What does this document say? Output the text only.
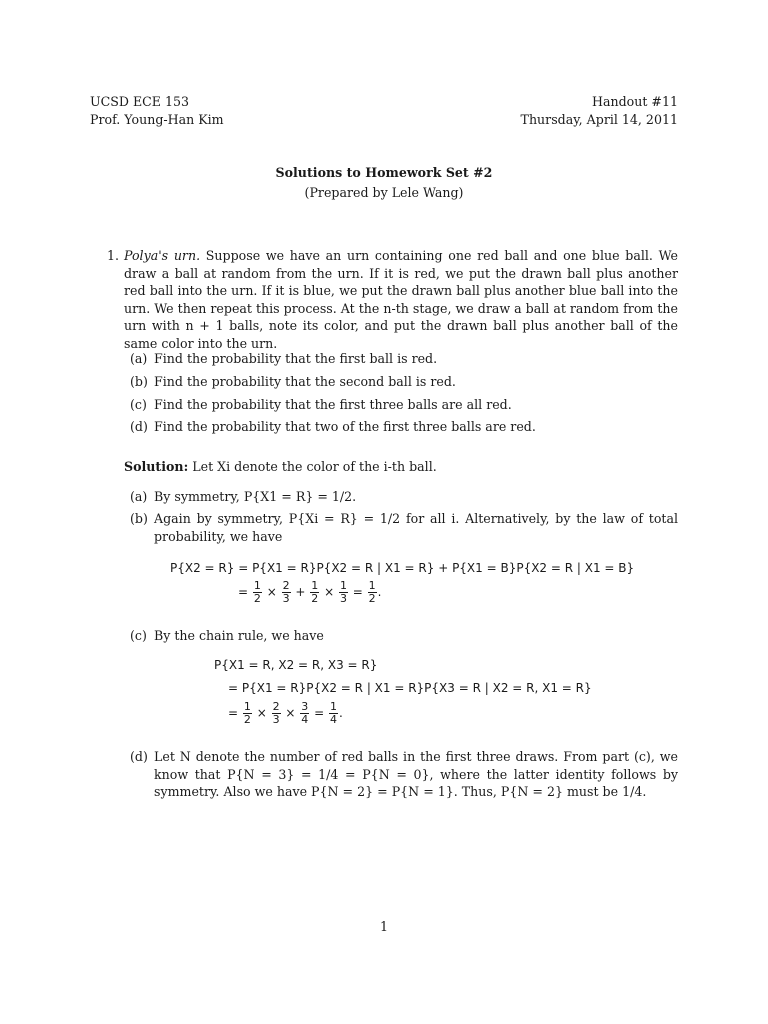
UCSD ECE 153
Prof. Young-Han Kim
Handout #11
Thursday, April 14, 2011
Solutions to Homework Set #2
(Prepared by Lele Wang)
1. Polya's urn. Suppose we have an urn containing one red ball and one blue ball. We draw a ball at random from the urn. If it is red, we put the drawn ball plus another red ball into the urn. If it is blue, we put the drawn ball plus another blue ball into the urn. We then repeat this process. At the n-th stage, we draw a ball at random from the urn with n + 1 balls, note its color, and put the drawn ball plus another ball of the same color into the urn.
(a) Find the probability that the first ball is red.
(b) Find the probability that the second ball is red.
(c) Find the probability that the first three balls are all red.
(d) Find the probability that two of the first three balls are red.
Solution: Let Xi denote the color of the i-th ball.
(a) By symmetry, P{X1 = R} = 1/2.
(b) Again by symmetry, P{Xi = R} = 1/2 for all i. Alternatively, by the law of total probability, we have
P{X2 = R} = P{X1 = R}P{X2 = R | X1 = R} + P{X1 = B}P{X2 = R | X1 = B}
= $\frac{1}{2} \times \frac{2}{3} + \frac{1}{2} \times \frac{1}{3} = \frac{1}{2}$ .
(c) By the chain rule, we have
P{X1 = R, X2 = R, X3 = R}
= P{X1 = R}P{X2 = R | X1 = R}P{X3 = R | X2 = R, X1 = R}
= $\frac{1}{2} \times \frac{2}{3} \times \frac{3}{4} = \frac{1}{4}$ .
(d) Let N denote the number of red balls in the first three draws. From part (c), we know that P{N = 3} = 1/4 = P{N = 0}, where the latter identity follows by symmetry. Also we have P{N = 2} = P{N = 1}. Thus, P{N = 2} must be 1/4.
1
